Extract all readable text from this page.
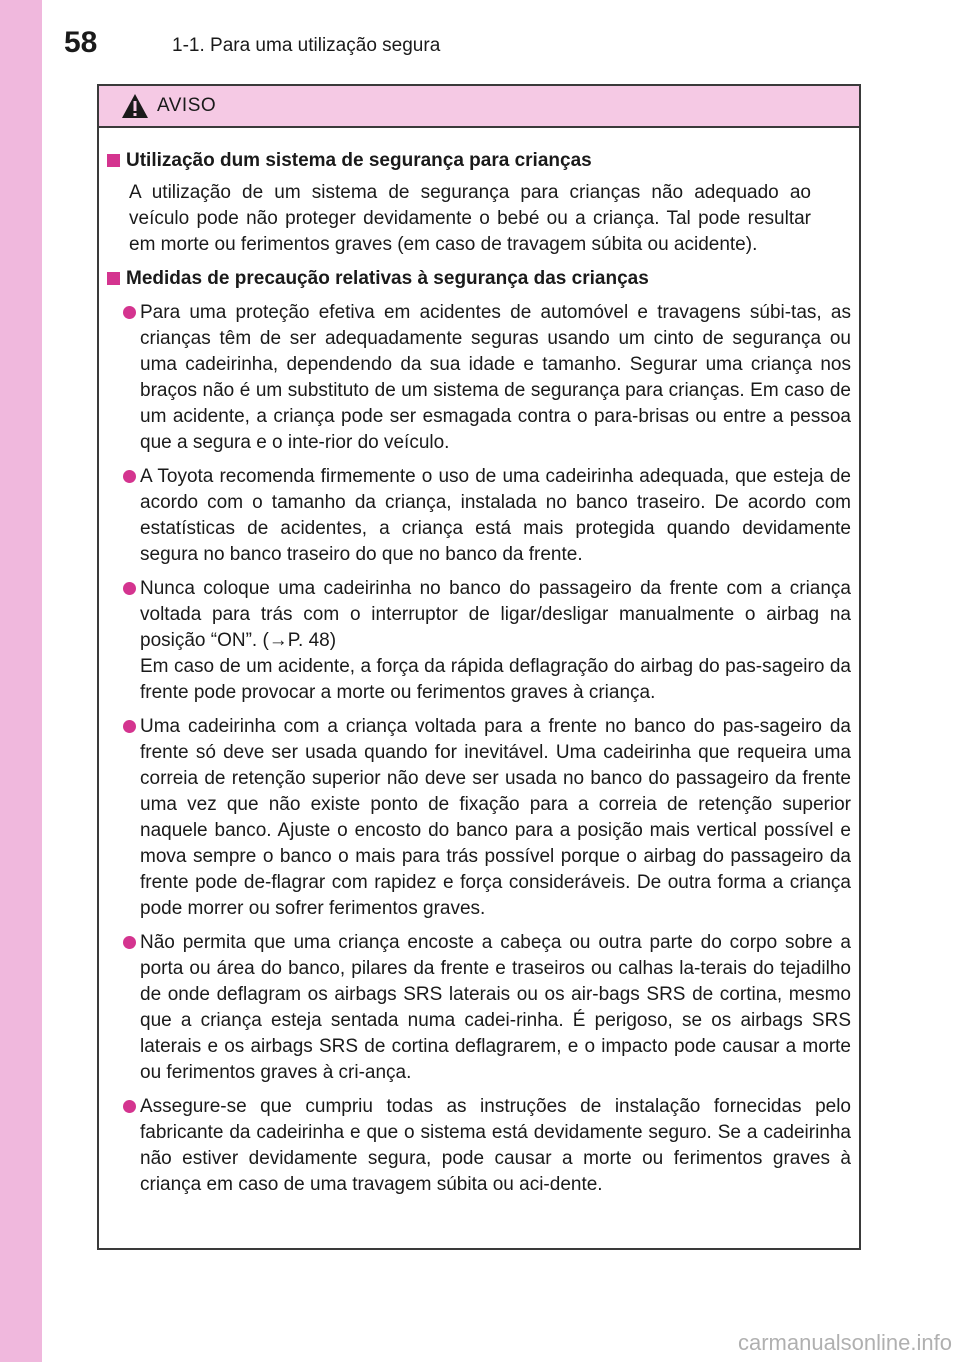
58	1-1. Para uma utilização segura
AVISO
Utilização dum sistema de segurança para crianças
A utilização de um sistema de segurança para crianças não adequado ao veículo pode não proteger devidamente o bebé ou a criança. Tal pode resultar em morte ou ferimentos graves (em caso de travagem súbita ou acidente).
Medidas de precaução relativas à segurança das crianças
Para uma proteção efetiva em acidentes de automóvel e travagens súbi-tas, as crianças têm de ser adequadamente seguras usando um cinto de segurança ou uma cadeirinha, dependendo da sua idade e tamanho. Segurar uma criança nos braços não é um substituto de um sistema de segurança para crianças. Em caso de um acidente, a criança pode ser esmagada contra o para-brisas ou entre a pessoa que a segura e o inte-rior do veículo.
A Toyota recomenda firmemente o uso de uma cadeirinha adequada, que esteja de acordo com o tamanho da criança, instalada no banco traseiro. De acordo com estatísticas de acidentes, a criança está mais protegida quando devidamente segura no banco traseiro do que no banco da frente.
Nunca coloque uma cadeirinha no banco do passageiro da frente com a criança voltada para trás com o interruptor de ligar/desligar manualmente o airbag na posição “ON”. (→P. 48)
Em caso de um acidente, a força da rápida deflagração do airbag do pas-sageiro da frente pode provocar a morte ou ferimentos graves à criança.
Uma cadeirinha com a criança voltada para a frente no banco do pas-sageiro da frente só deve ser usada quando for inevitável. Uma cadeirinha que requeira uma correia de retenção superior não deve ser usada no banco do passageiro da frente uma vez que não existe ponto de fixação para a correia de retenção superior naquele banco. Ajuste o encosto do banco para a posição mais vertical possível e mova sempre o banco o mais para trás possível porque o airbag do passageiro da frente pode de-flagrar com rapidez e força consideráveis. De outra forma a criança pode morrer ou sofrer ferimentos graves.
Não permita que uma criança encoste a cabeça ou outra parte do corpo sobre a porta ou área do banco, pilares da frente e traseiros ou calhas la-terais do tejadilho de onde deflagram os airbags SRS laterais ou os air-bags SRS de cortina, mesmo que a criança esteja sentada numa cadei-rinha. É perigoso, se os airbags SRS laterais e os airbags SRS de cortina deflagrarem, e o impacto pode causar a morte ou ferimentos graves à cri-ança.
Assegure-se que cumpriu todas as instruções de instalação fornecidas pelo fabricante da cadeirinha e que o sistema está devidamente seguro. Se a cadeirinha não estiver devidamente segura, pode causar a morte ou ferimentos graves à criança em caso de uma travagem súbita ou aci-dente.
carmanualsonline.info
